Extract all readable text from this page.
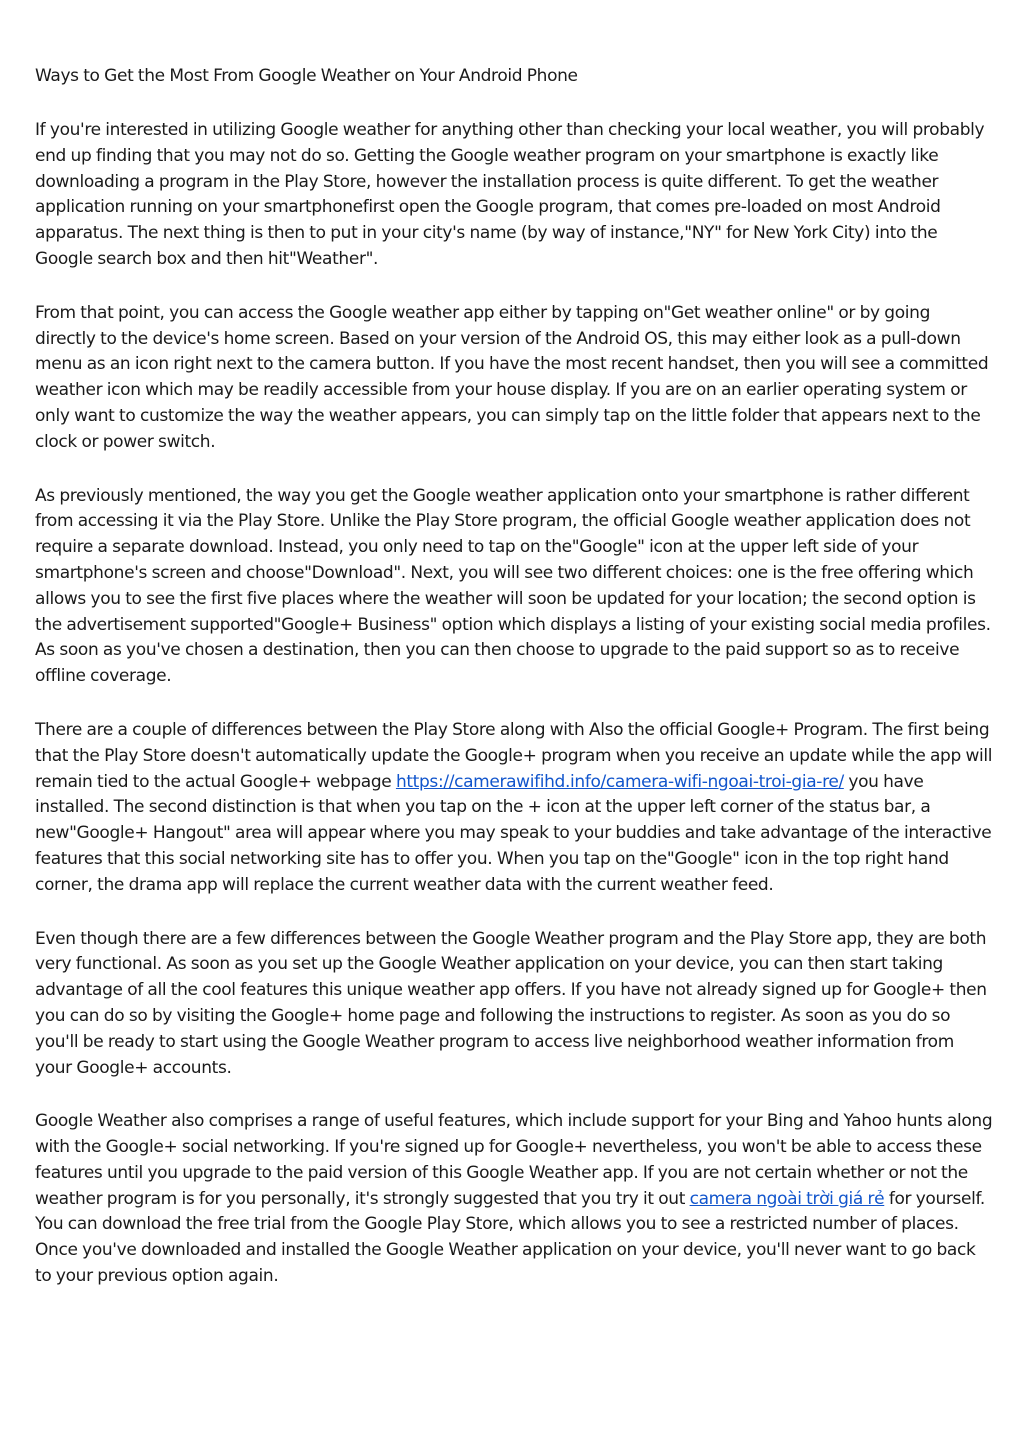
Ways to Get the Most From Google Weather on Your Android Phone

If you're interested in utilizing Google weather for anything other than checking your local weather, you will probably end up finding that you may not do so. Getting the Google weather program on your smartphone is exactly like downloading a program in the Play Store, however the installation process is quite different. To get the weather application running on your smartphonefirst open the Google program, that comes pre-loaded on most Android apparatus. The next thing is then to put in your city's name (by way of instance,"NY" for New York City) into the Google search box and then hit"Weather".

From that point, you can access the Google weather app either by tapping on"Get weather online" or by going directly to the device's home screen. Based on your version of the Android OS, this may either look as a pull-down menu as an icon right next to the camera button. If you have the most recent handset, then you will see a committed weather icon which may be readily accessible from your house display. If you are on an earlier operating system or only want to customize the way the weather appears, you can simply tap on the little folder that appears next to the clock or power switch.

As previously mentioned, the way you get the Google weather application onto your smartphone is rather different from accessing it via the Play Store. Unlike the Play Store program, the official Google weather application does not require a separate download. Instead, you only need to tap on the"Google" icon at the upper left side of your smartphone's screen and choose"Download". Next, you will see two different choices: one is the free offering which allows you to see the first five places where the weather will soon be updated for your location; the second option is the advertisement supported"Google+ Business" option which displays a listing of your existing social media profiles. As soon as you've chosen a destination, then you can then choose to upgrade to the paid support so as to receive offline coverage.

There are a couple of differences between the Play Store along with Also the official Google+ Program. The first being that the Play Store doesn't automatically update the Google+ program when you receive an update while the app will remain tied to the actual Google+ webpage https://camerawifihd.info/camera-wifi-ngoai-troi-gia-re/ you have installed. The second distinction is that when you tap on the + icon at the upper left corner of the status bar, a new"Google+ Hangout" area will appear where you may speak to your buddies and take advantage of the interactive features that this social networking site has to offer you. When you tap on the"Google" icon in the top right hand corner, the drama app will replace the current weather data with the current weather feed.

Even though there are a few differences between the Google Weather program and the Play Store app, they are both very functional. As soon as you set up the Google Weather application on your device, you can then start taking advantage of all the cool features this unique weather app offers. If you have not already signed up for Google+ then you can do so by visiting the Google+ home page and following the instructions to register. As soon as you do so you'll be ready to start using the Google Weather program to access live neighborhood weather information from your Google+ accounts.

Google Weather also comprises a range of useful features, which include support for your Bing and Yahoo hunts along with the Google+ social networking. If you're signed up for Google+ nevertheless, you won't be able to access these features until you upgrade to the paid version of this Google Weather app. If you are not certain whether or not the weather program is for you personally, it's strongly suggested that you try it out camera ngoài trời giá rẻ for yourself. You can download the free trial from the Google Play Store, which allows you to see a restricted number of places. Once you've downloaded and installed the Google Weather application on your device, you'll never want to go back to your previous option again.
